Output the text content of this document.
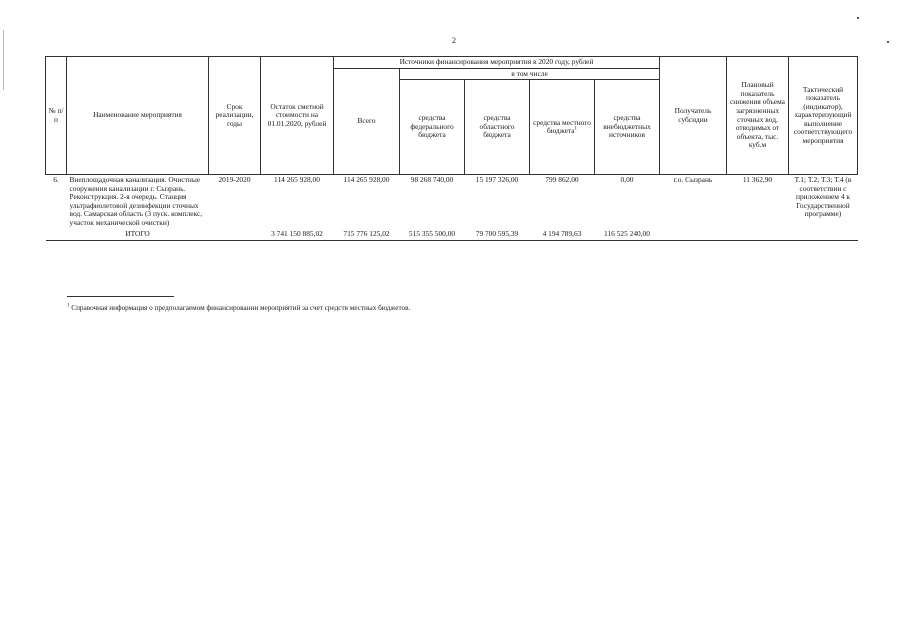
2
№ п/п	Наименование мероприятия	Срок реализации, годы	Остаток сметной стоимости на 01.01.2020, рублей	Источники финансирования мероприятия в 2020 году, рублей					Получатель субсидии	Плановый показатель снижения объема загрязненных сточных вод, отводимых от объекта, тыс. куб.м	Тактический показатель (индикатор), характеризующий выполнение соответствующего мероприятия
				Всего	в том числе						
					средства федерального бюджета	средства областного бюджета	средства местного бюджета$^1$	средства внебюджетных источников			
6.	Внеплощадочная канализация. Очистные сооружения канализации г. Сызрань. Реконструкция. 2-я очередь. Станция ультрафиолетовой дезинфекции сточных вод. Самарская область (3 пуск. комплекс, участок механической очистки)	2019-2020	114 265 928,00	114 265 928,00	98 268 740,00	15 197 326,00	799 862,00	0,00	г.о. Сызрань	11 362,90	Т.1; Т.2; Т.3; Т.4 (в соответствии с приложением 4 к Государственной программе)
	ИТОГО		3 741 150 885,02	715 776 125,02	515 355 500,00	79 700 595,39	4 194 789,63	116 525 240,00			
$^1$ Справочная информация о предполагаемом финансировании мероприятий за счет средств местных бюджетов.
